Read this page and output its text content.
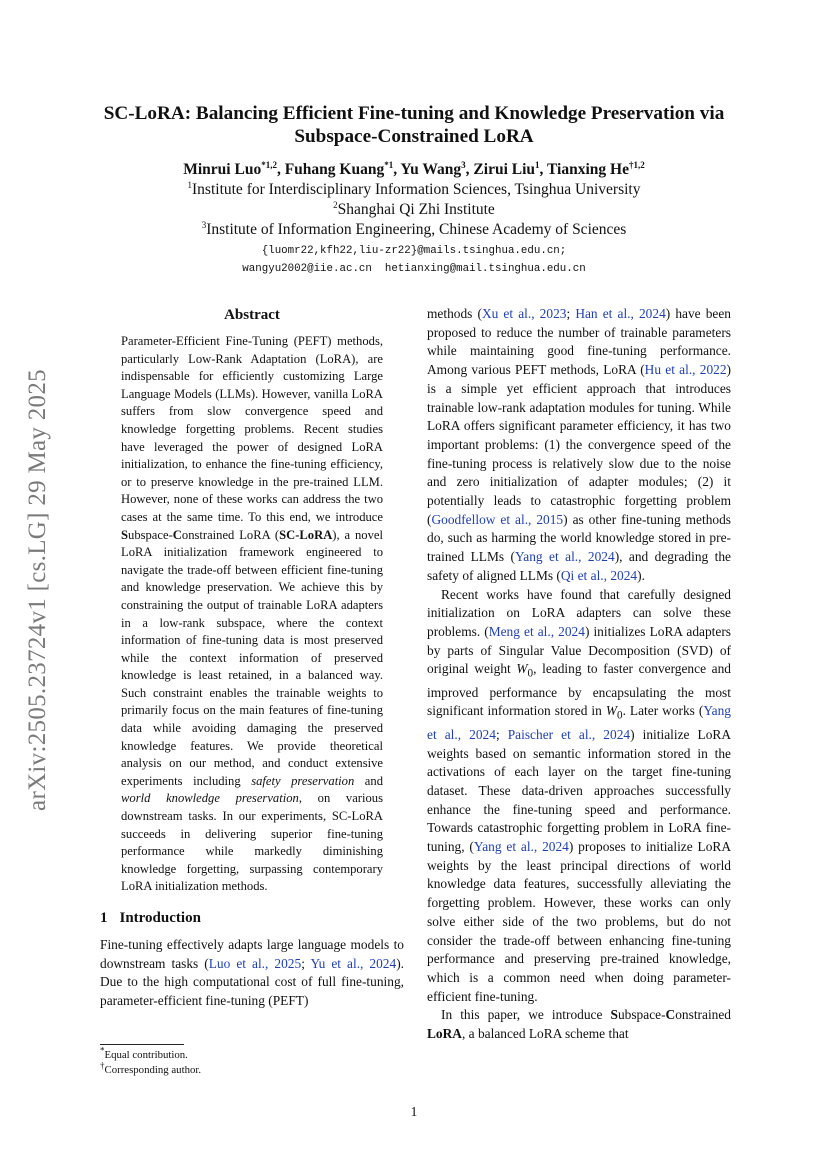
arXiv:2505.23724v1 [cs.LG] 29 May 2025
SC-LoRA: Balancing Efficient Fine-tuning and Knowledge Preservation via
Subspace-Constrained LoRA
Minrui Luo$^{*1,2}$, Fuhang Kuang$^{*1}$, Yu Wang$^3$, Zirui Liu$^1$, Tianxing He$^{\dagger 1,2}$
$^1$Institute for Interdisciplinary Information Sciences, Tsinghua University
$^2$Shanghai Qi Zhi Institute
$^3$Institute of Information Engineering, Chinese Academy of Sciences
{luomr22,kfh22,liu-zr22}@mails.tsinghua.edu.cn;
wangyu2002@iie.ac.cn  hetianxing@mail.tsinghua.edu.cn
Abstract

Parameter-Efficient Fine-Tuning (PEFT) methods, particularly Low-Rank Adaptation (LoRA), are indispensable for efficiently customizing Large Language Models (LLMs). However, vanilla LoRA suffers from slow convergence speed and knowledge forgetting problems. Recent studies have leveraged the power of designed LoRA initialization, to enhance the fine-tuning efficiency, or to preserve knowledge in the pre-trained LLM. However, none of these works can address the two cases at the same time. To this end, we introduce Subspace-Constrained LoRA (SC-LoRA), a novel LoRA initialization framework engineered to navigate the trade-off between efficient fine-tuning and knowledge preservation. We achieve this by constraining the output of trainable LoRA adapters in a low-rank subspace, where the context information of fine-tuning data is most preserved while the context information of preserved knowledge is least retained, in a balanced way. Such constraint enables the trainable weights to primarily focus on the main features of fine-tuning data while avoiding damaging the preserved knowledge features. We provide theoretical analysis on our method, and conduct extensive experiments including safety preservation and world knowledge preservation, on various downstream tasks. In our experiments, SC-LoRA succeeds in delivering superior fine-tuning performance while markedly diminishing knowledge forgetting, surpassing contemporary LoRA initialization methods.

1 Introduction

Fine-tuning effectively adapts large language models to downstream tasks (Luo et al., 2025; Yu et al., 2024). Due to the high computational cost of full fine-tuning, parameter-efficient fine-tuning (PEFT)

methods (Xu et al., 2023; Han et al., 2024) have been proposed to reduce the number of trainable parameters while maintaining good fine-tuning performance. Among various PEFT methods, LoRA (Hu et al., 2022) is a simple yet efficient approach that introduces trainable low-rank adaptation modules for tuning. While LoRA offers significant parameter efficiency, it has two important problems: (1) the convergence speed of the fine-tuning process is relatively slow due to the noise and zero initialization of adapter modules; (2) it potentially leads to catastrophic forgetting problem (Goodfellow et al., 2015) as other fine-tuning methods do, such as harming the world knowledge stored in pre-trained LLMs (Yang et al., 2024), and degrading the safety of aligned LLMs (Qi et al., 2024).

Recent works have found that carefully designed initialization on LoRA adapters can solve these problems. (Meng et al., 2024) initializes LoRA adapters by parts of Singular Value Decomposition (SVD) of original weight $W_0$, leading to faster convergence and improved performance by encapsulating the most significant information stored in $W_0$. Later works (Yang et al., 2024; Paischer et al., 2024) initialize LoRA weights based on semantic information stored in the activations of each layer on the target fine-tuning dataset. These data-driven approaches successfully enhance the fine-tuning speed and performance. Towards catastrophic forgetting problem in LoRA fine-tuning, (Yang et al., 2024) proposes to initialize LoRA weights by the least principal directions of world knowledge data features, successfully alleviating the forgetting problem. However, these works can only solve either side of the two problems, but do not consider the trade-off between enhancing fine-tuning performance and preserving pre-trained knowledge, which is a common need when doing parameter-efficient fine-tuning.

In this paper, we introduce Subspace-Constrained LoRA, a balanced LoRA scheme that

*Equal contribution.
†Corresponding author.
1
